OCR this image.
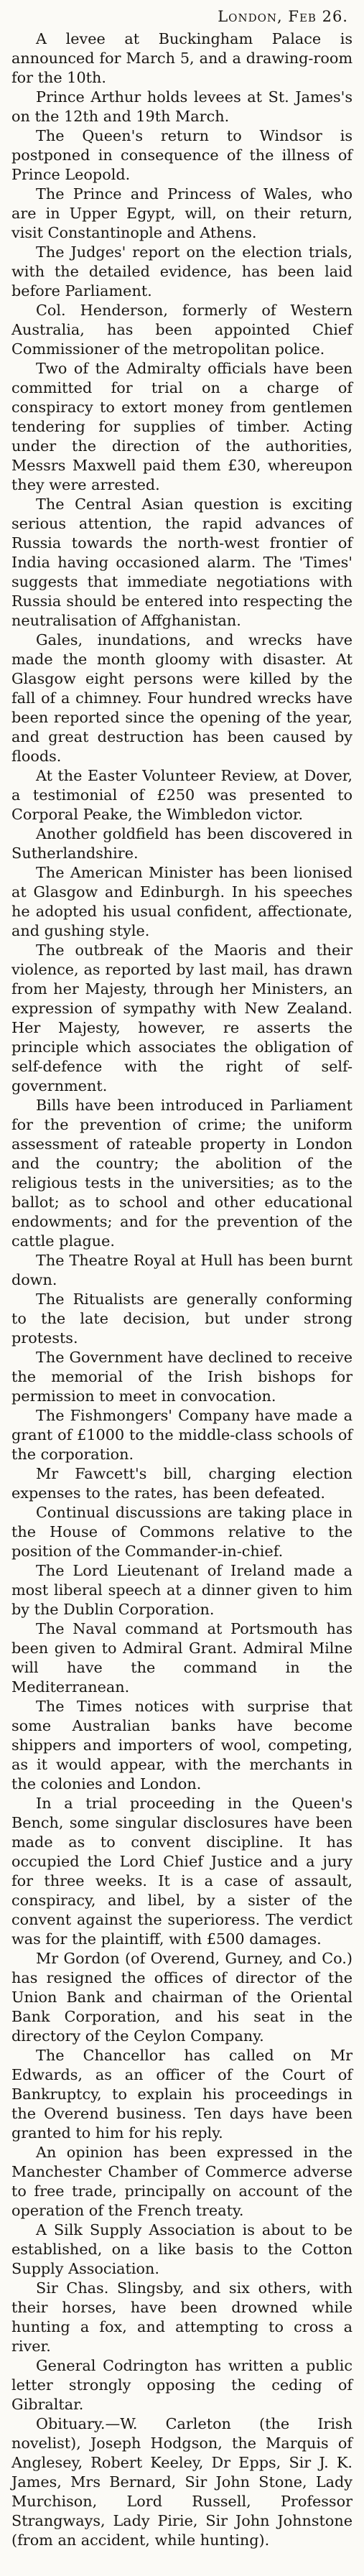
London, Feb 26.

A levee at Buckingham Palace is announced for March 5, and a drawing-room for the 10th.

Prince Arthur holds levees at St. James's on the 12th and 19th March.

The Queen's return to Windsor is postponed in consequence of the illness of Prince Leopold.

The Prince and Princess of Wales, who are in Upper Egypt, will, on their return, visit Constantinople and Athens.

The Judges' report on the election trials, with the detailed evidence, has been laid before Parliament.

Col. Henderson, formerly of Western Australia, has been appointed Chief Commissioner of the metropolitan police.

Two of the Admiralty officials have been committed for trial on a charge of conspiracy to extort money from gentlemen tendering for supplies of timber. Acting under the direction of the authorities, Messrs Maxwell paid them £30, whereupon they were arrested.

The Central Asian question is exciting serious attention, the rapid advances of Russia towards the north-west frontier of India having occasioned alarm. The 'Times' suggests that immediate negotiations with Russia should be entered into respecting the neutralisation of Affghanistan.

Gales, inundations, and wrecks have made the month gloomy with disaster. At Glasgow eight persons were killed by the fall of a chimney. Four hundred wrecks have been reported since the opening of the year, and great destruction has been caused by floods.

At the Easter Volunteer Review, at Dover, a testimonial of £250 was presented to Corporal Peake, the Wimbledon victor.

Another goldfield has been discovered in Sutherlandshire.

The American Minister has been lionised at Glasgow and Edinburgh. In his speeches he adopted his usual confident, affectionate, and gushing style.

The outbreak of the Maoris and their violence, as reported by last mail, has drawn from her Majesty, through her Ministers, an expression of sympathy with New Zealand. Her Majesty, however, re asserts the principle which associates the obligation of self-defence with the right of self-government.

Bills have been introduced in Parliament for the prevention of crime; the uniform assessment of rateable property in London and the country; the abolition of the religious tests in the universities; as to the ballot; as to school and other educational endowments; and for the prevention of the cattle plague.

The Theatre Royal at Hull has been burnt down.

The Ritualists are generally conforming to the late decision, but under strong protests.

The Government have declined to receive the memorial of the Irish bishops for permission to meet in convocation.

The Fishmongers' Company have made a grant of £1000 to the middle-class schools of the corporation.

Mr Fawcett's bill, charging election expenses to the rates, has been defeated.

Continual discussions are taking place in the House of Commons relative to the position of the Commander-in-chief.

The Lord Lieutenant of Ireland made a most liberal speech at a dinner given to him by the Dublin Corporation.

The Naval command at Portsmouth has been given to Admiral Grant. Admiral Milne will have the command in the Mediterranean.

The Times notices with surprise that some Australian banks have become shippers and importers of wool, competing, as it would appear, with the merchants in the colonies and London.

In a trial proceeding in the Queen's Bench, some singular disclosures have been made as to convent discipline. It has occupied the Lord Chief Justice and a jury for three weeks. It is a case of assault, conspiracy, and libel, by a sister of the convent against the superioress. The verdict was for the plaintiff, with £500 damages.

Mr Gordon (of Overend, Gurney, and Co.) has resigned the offices of director of the Union Bank and chairman of the Oriental Bank Corporation, and his seat in the directory of the Ceylon Company.

The Chancellor has called on Mr Edwards, as an officer of the Court of Bankruptcy, to explain his proceedings in the Overend business. Ten days have been granted to him for his reply.

An opinion has been expressed in the Manchester Chamber of Commerce adverse to free trade, principally on account of the operation of the French treaty.

A Silk Supply Association is about to be established, on a like basis to the Cotton Supply Association.

Sir Chas. Slingsby, and six others, with their horses, have been drowned while hunting a fox, and attempting to cross a river.

General Codrington has written a public letter strongly opposing the ceding of Gibraltar.

Obituary.—W. Carleton (the Irish novelist), Joseph Hodgson, the Marquis of Anglesey, Robert Keeley, Dr Epps, Sir J. K. James, Mrs Bernard, Sir John Stone, Lady Murchison, Lord Russell, Professor Strangways, Lady Pirie, Sir John Johnstone (from an accident, while hunting).
